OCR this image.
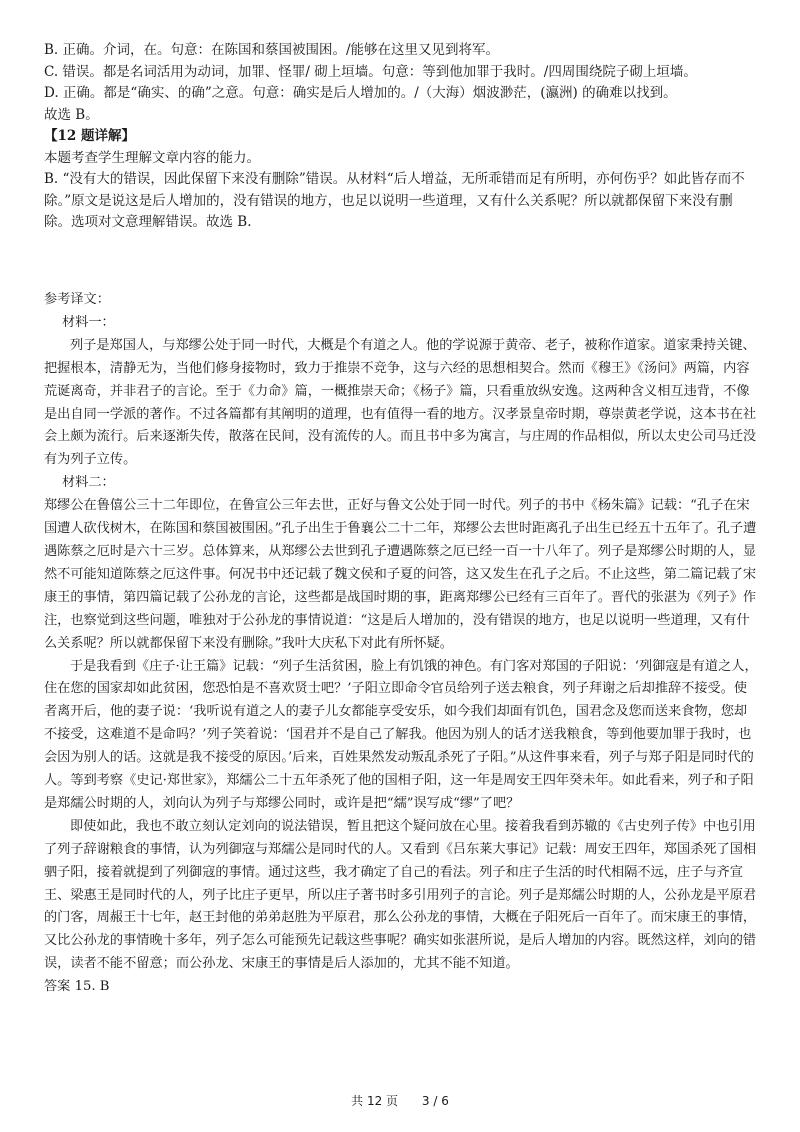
B. 正确。介词，在。句意：在陈国和蔡国被围困。/能够在这里又见到将军。

C. 错误。都是名词活用为动词，加罪、怪罪/ 砌上垣墙。句意：等到他加罪于我时。/四周围绕院子砌上垣墙。

D. 正确。都是“确实、的确”之意。句意：确实是后人增加的。/（大海）烟波渺茫，(瀛洲) 的确难以找到。

故选 B。

【12 题详解】

本题考查学生理解文章内容的能力。

B. “没有大的错误，因此保留下来没有删除”错误。从材料“后人增益，无所乖错而足有所明，亦何伤乎？如此皆存而不除。”原文是说这是后人增加的，没有错误的地方，也足以说明一些道理，又有什么关系呢？所以就都保留下来没有删除。选项对文意理解错误。故选 B.

参考译文：

材料一：

列子是郑国人，与郑缪公处于同一时代，大概是个有道之人。他的学说源于黄帝、老子，被称作道家。道家秉持关键、把握根本，清静无为，当他们修身接物时，致力于推崇不竞争，这与六经的思想相契合。然而《穆王》《汤问》两篇，内容荒诞离奇，并非君子的言论。至于《力命》篇，一概推崇天命；《杨子》篇，只看重放纵安逸。这两种含义相互违背，不像是出自同一学派的著作。不过各篇都有其阐明的道理，也有值得一看的地方。汉孝景皇帝时期，尊崇黄老学说，这本书在社会上颇为流行。后来逐渐失传，散落在民间，没有流传的人。而且书中多为寓言，与庄周的作品相似，所以太史公司马迁没有为列子立传。

材料二：

郑缪公在鲁僖公三十二年即位，在鲁宣公三年去世，正好与鲁文公处于同一时代。列子的书中《杨朱篇》记载：“孔子在宋国遭人砍伐树木，在陈国和蔡国被围困。”孔子出生于鲁襄公二十二年，郑缪公去世时距离孔子出生已经五十五年了。孔子遭遇陈蔡之厄时是六十三岁。总体算来，从郑缪公去世到孔子遭遇陈蔡之厄已经一百一十八年了。列子是郑缪公时期的人，显然不可能知道陈蔡之厄这件事。何况书中还记载了魏文侯和子夏的问答，这又发生在孔子之后。不止这些，第二篇记载了宋康王的事情，第四篇记载了公孙龙的言论，这些都是战国时期的事，距离郑缪公已经有三百年了。晋代的张湛为《列子》作注，也察觉到这些问题，唯独对于公孙龙的事情说道：“这是后人增加的，没有错误的地方，也足以说明一些道理，又有什么关系呢？所以就都保留下来没有删除。”我叶大庆私下对此有所怀疑。

于是我看到《庄子·让王篇》记载：“列子生活贫困，脸上有饥饿的神色。有门客对郑国的子阳说：‘列御寇是有道之人，住在您的国家却如此贫困，您恐怕是不喜欢贤士吧？’子阳立即命令官员给列子送去粮食，列子拜谢之后却推辞不接受。使者离开后，他的妻子说：‘我听说有道之人的妻子儿女都能享受安乐，如今我们却面有饥色，国君念及您而送来食物，您却不接受，这难道不是命吗？’列子笑着说：‘国君并不是自己了解我。他因为别人的话才送我粮食，等到他要加罪于我时，也会因为别人的话。这就是我不接受的原因。’后来，百姓果然发动叛乱杀死了子阳。”从这件事来看，列子与郑子阳是同时代的人。等到考察《史记·郑世家》，郑繻公二十五年杀死了他的国相子阳，这一年是周安王四年癸未年。如此看来，列子和子阳是郑繻公时期的人，刘向认为列子与郑缪公同时，或许是把“繻”误写成“缪”了吧？

即使如此，我也不敢立刻认定刘向的说法错误，暂且把这个疑问放在心里。接着我看到苏辙的《古史列子传》中也引用了列子辞谢粮食的事情，认为列御寇与郑繻公是同时代的人。又看到《吕东莱大事记》记载：周安王四年，郑国杀死了国相驷子阳，接着就提到了列御寇的事情。通过这些，我才确定了自己的看法。列子和庄子生活的时代相隔不远，庄子与齐宣王、梁惠王是同时代的人，列子比庄子更早，所以庄子著书时多引用列子的言论。列子是郑繻公时期的人，公孙龙是平原君的门客，周赧王十七年，赵王封他的弟弟赵胜为平原君，那么公孙龙的事情，大概在子阳死后一百年了。而宋康王的事情，又比公孙龙的事情晚十多年，列子怎么可能预先记载这些事呢？确实如张湛所说，是后人增加的内容。既然这样，刘向的错误，读者不能不留意；而公孙龙、宋康王的事情是后人添加的，尤其不能不知道。

答案 15. B

共 12 页 3 / 6
